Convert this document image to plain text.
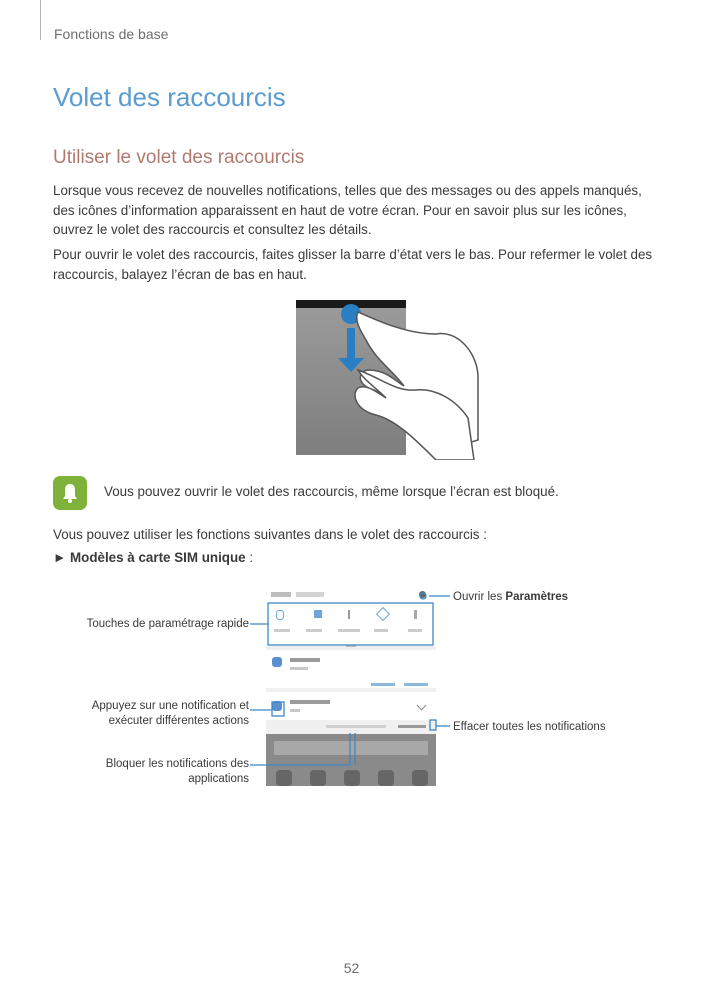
Fonctions de base
Volet des raccourcis
Utiliser le volet des raccourcis
Lorsque vous recevez de nouvelles notifications, telles que des messages ou des appels manqués, des icônes d’information apparaissent en haut de votre écran. Pour en savoir plus sur les icônes, ouvrez le volet des raccourcis et consultez les détails.
Pour ouvrir le volet des raccourcis, faites glisser la barre d’état vers le bas. Pour refermer le volet des raccourcis, balayez l’écran de bas en haut.
Vous pouvez ouvrir le volet des raccourcis, même lorsque l’écran est bloqué.
Vous pouvez utiliser les fonctions suivantes dans le volet des raccourcis :
► Modèles à carte SIM unique :
Ouvrir les Paramètres
Touches de paramétrage rapide
Appuyez sur une notification et
exécuter différentes actions
Effacer toutes les notifications
Bloquer les notifications des
applications
52
